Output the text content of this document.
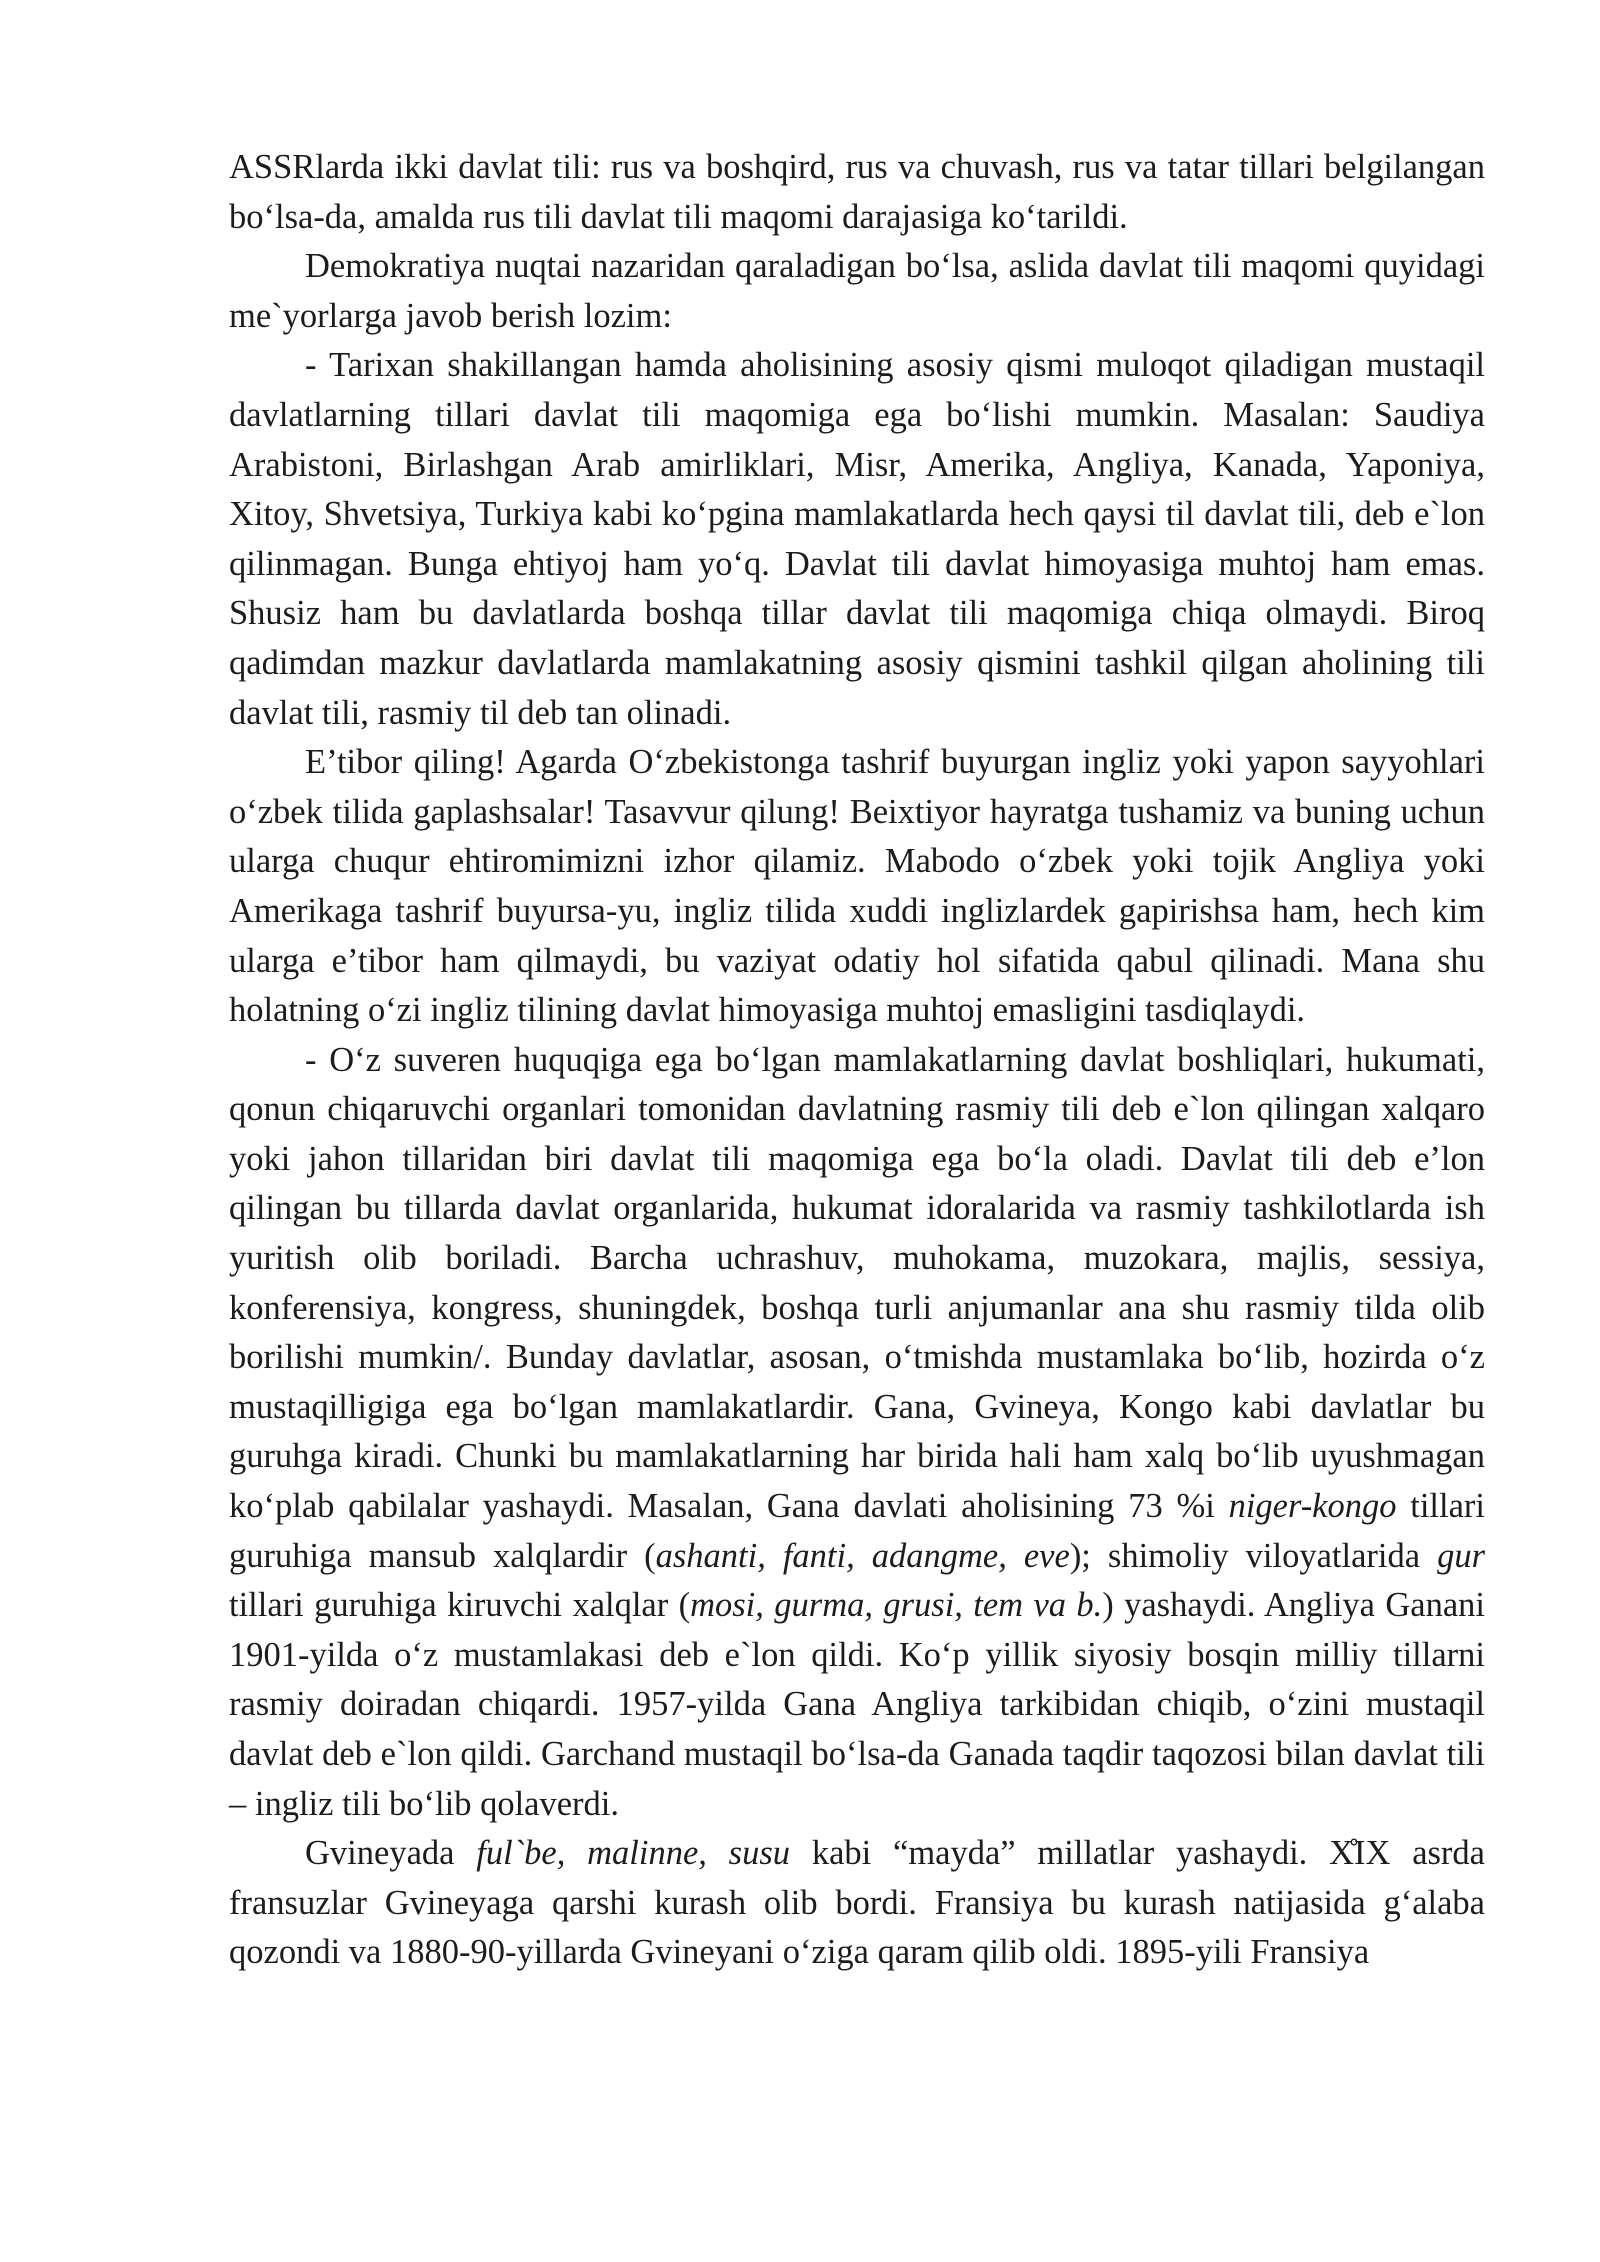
ASSRlarda ikki davlat tili: rus va boshqird, rus va chuvash, rus va tatar tillari belgilangan bo‘lsa-da, amalda rus tili davlat tili maqomi darajasiga ko‘tarildi.

Demokratiya nuqtai nazaridan qaraladigan bo‘lsa, aslida davlat tili maqomi quyidagi me`yorlarga javob berish lozim:

- Tarixan shakillangan hamda aholisining asosiy qismi muloqot qiladigan mustaqil davlatlarning tillari davlat tili maqomiga ega bo‘lishi mumkin. Masalan: Saudiya Arabistoni, Birlashgan Arab amirliklari, Misr, Amerika, Angliya, Kanada, Yaponiya, Xitoy, Shvetsiya, Turkiya kabi ko‘pgina mamlakatlarda hech qaysi til davlat tili, deb e`lon qilinmagan. Bunga ehtiyoj ham yo‘q. Davlat tili davlat himoyasiga muhtoj ham emas. Shusiz ham bu davlatlarda boshqa tillar davlat tili maqomiga chiqa olmaydi. Biroq qadimdan mazkur davlatlarda mamlakatning asosiy qismini tashkil qilgan aholining tili davlat tili, rasmiy til deb tan olinadi.

E’tibor qiling! Agarda O‘zbekistonga tashrif buyurgan ingliz yoki yapon sayyohlari o‘zbek tilida gaplashsalar! Tasavvur qilung! Beixtiyor hayratga tushamiz va buning uchun ularga chuqur ehtiromimizni izhor qilamiz. Mabodo o‘zbek yoki tojik Angliya yoki Amerikaga tashrif buyursa-yu, ingliz tilida xuddi inglizlardek gapirishsa ham, hech kim ularga e’tibor ham qilmaydi, bu vaziyat odatiy hol sifatida qabul qilinadi. Mana shu holatning o‘zi ingliz tilining davlat himoyasiga muhtoj emasligini tasdiqlaydi.

- O‘z suveren huquqiga ega bo‘lgan mamlakatlarning davlat boshliqlari, hukumati, qonun chiqaruvchi organlari tomonidan davlatning rasmiy tili deb e`lon qilingan xalqaro yoki jahon tillaridan biri davlat tili maqomiga ega bo‘la oladi. Davlat tili deb e’lon qilingan bu tillarda davlat organlarida, hukumat idoralarida va rasmiy tashkilotlarda ish yuritish olib boriladi. Barcha uchrashuv, muhokama, muzokara, majlis, sessiya, konferensiya, kongress, shuningdek, boshqa turli anjumanlar ana shu rasmiy tilda olib borilishi mumkin/. Bunday davlatlar, asosan, o‘tmishda mustamlaka bo‘lib, hozirda o‘z mustaqilligiga ega bo‘lgan mamlakatlardir. Gana, Gvineya, Kongo kabi davlatlar bu guruhga kiradi. Chunki bu mamlakatlarning har birida hali ham xalq bo‘lib uyushmagan ko‘plab qabilalar yashaydi. Masalan, Gana davlati aholisining 73 %i niger-kongo tillari guruhiga mansub xalqlardir (ashanti, fanti, adangme, eve); shimoliy viloyatlarida gur tillari guruhiga kiruvchi xalqlar (mosi, gurma, grusi, tem va b.) yashaydi. Angliya Ganani 1901-yilda o‘z mustamlakasi deb e`lon qildi. Ko‘p yillik siyosiy bosqin milliy tillarni rasmiy doiradan chiqardi. 1957-yilda Gana Angliya tarkibidan chiqib, o‘zini mustaqil davlat deb e`lon qildi. Garchand mustaqil bo‘lsa-da Ganada taqdir taqozosi bilan davlat tili – ingliz tili bo‘lib qolaverdi.

Gvineyada ful`be, malinne, susu kabi “mayda” millatlar yashaydi. X̊IX asrda fransuzlar Gvineyaga qarshi kurash olib bordi. Fransiya bu kurash natijasida g‘alaba qozondi va 1880-90-yillarda Gvineyani o‘ziga qaram qilib oldi. 1895-yili Fransiya
